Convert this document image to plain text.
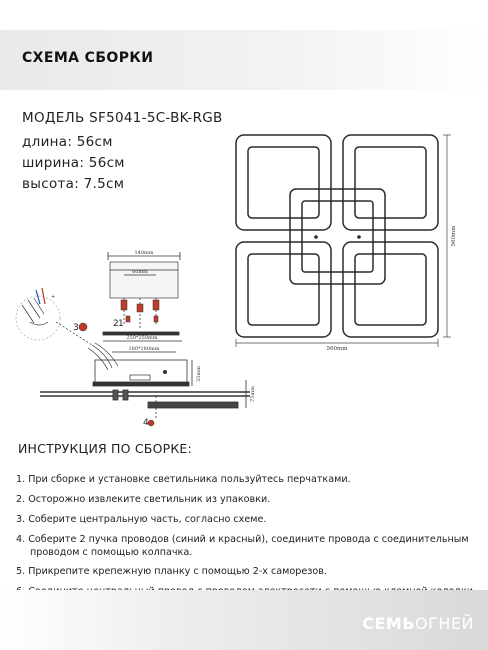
СХЕМА СБОРКИ
МОДЕЛЬ SF5041-5C-BK-RGB
длина: 56см
ширина: 56см
высота: 7.5см
560mm
560mm
140mm
60mm
250*250mm
180*180mm
35mm
75mm
1
2
3
4
+
ИНСТРУКЦИЯ ПО СБОРКЕ:
1. При сборке и установке светильника пользуйтесь перчатками.
2. Осторожно извлеките светильник из упаковки.
3. Соберите центральную часть, согласно схеме.
4. Соберите 2 пучка проводов (синий и красный), соедините провода с соединительным
проводом с помощью колпачка.
5. Прикрепите крепежную планку с помощью 2-х саморезов.
СЕМЬОГНЕЙ
